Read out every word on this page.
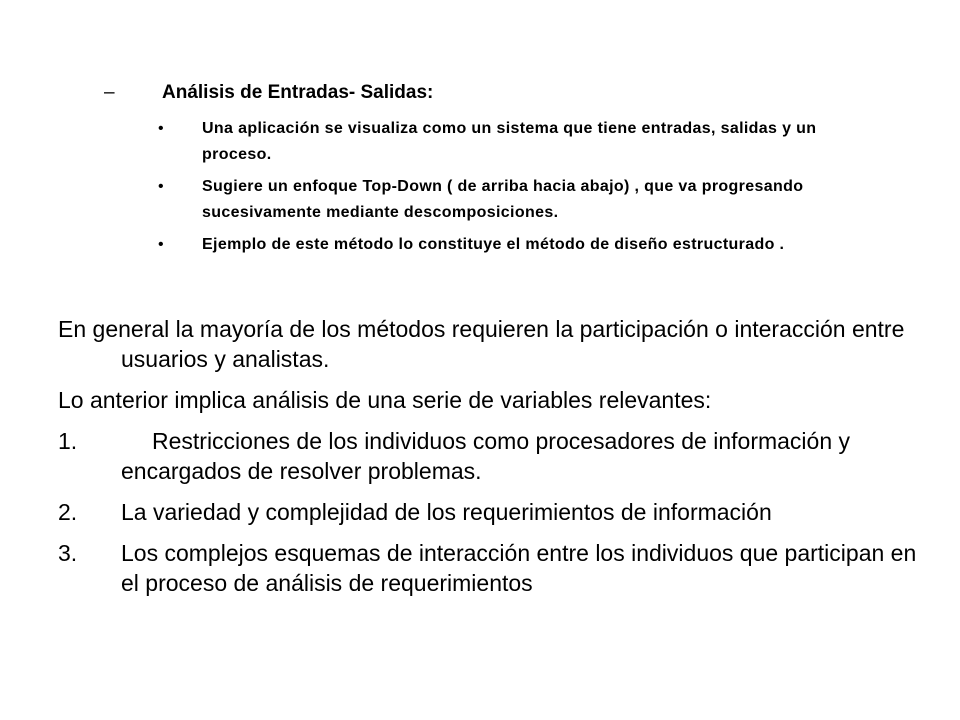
– Análisis de Entradas- Salidas:
• Una aplicación se visualiza como un sistema que tiene entradas, salidas y un proceso.
• Sugiere un enfoque Top-Down ( de arriba hacia abajo) , que va progresando sucesivamente mediante descomposiciones.
• Ejemplo de este método lo constituye el método de diseño estructurado .
En general la mayoría de los métodos requieren la participación o interacción entre usuarios y analistas.
Lo anterior implica análisis de una serie de variables relevantes:
1.	Restricciones de los individuos como procesadores de información y encargados de resolver problemas.
2. La variedad y complejidad de los requerimientos de información
3. Los complejos esquemas de interacción entre los individuos que participan en el proceso de análisis de requerimientos
